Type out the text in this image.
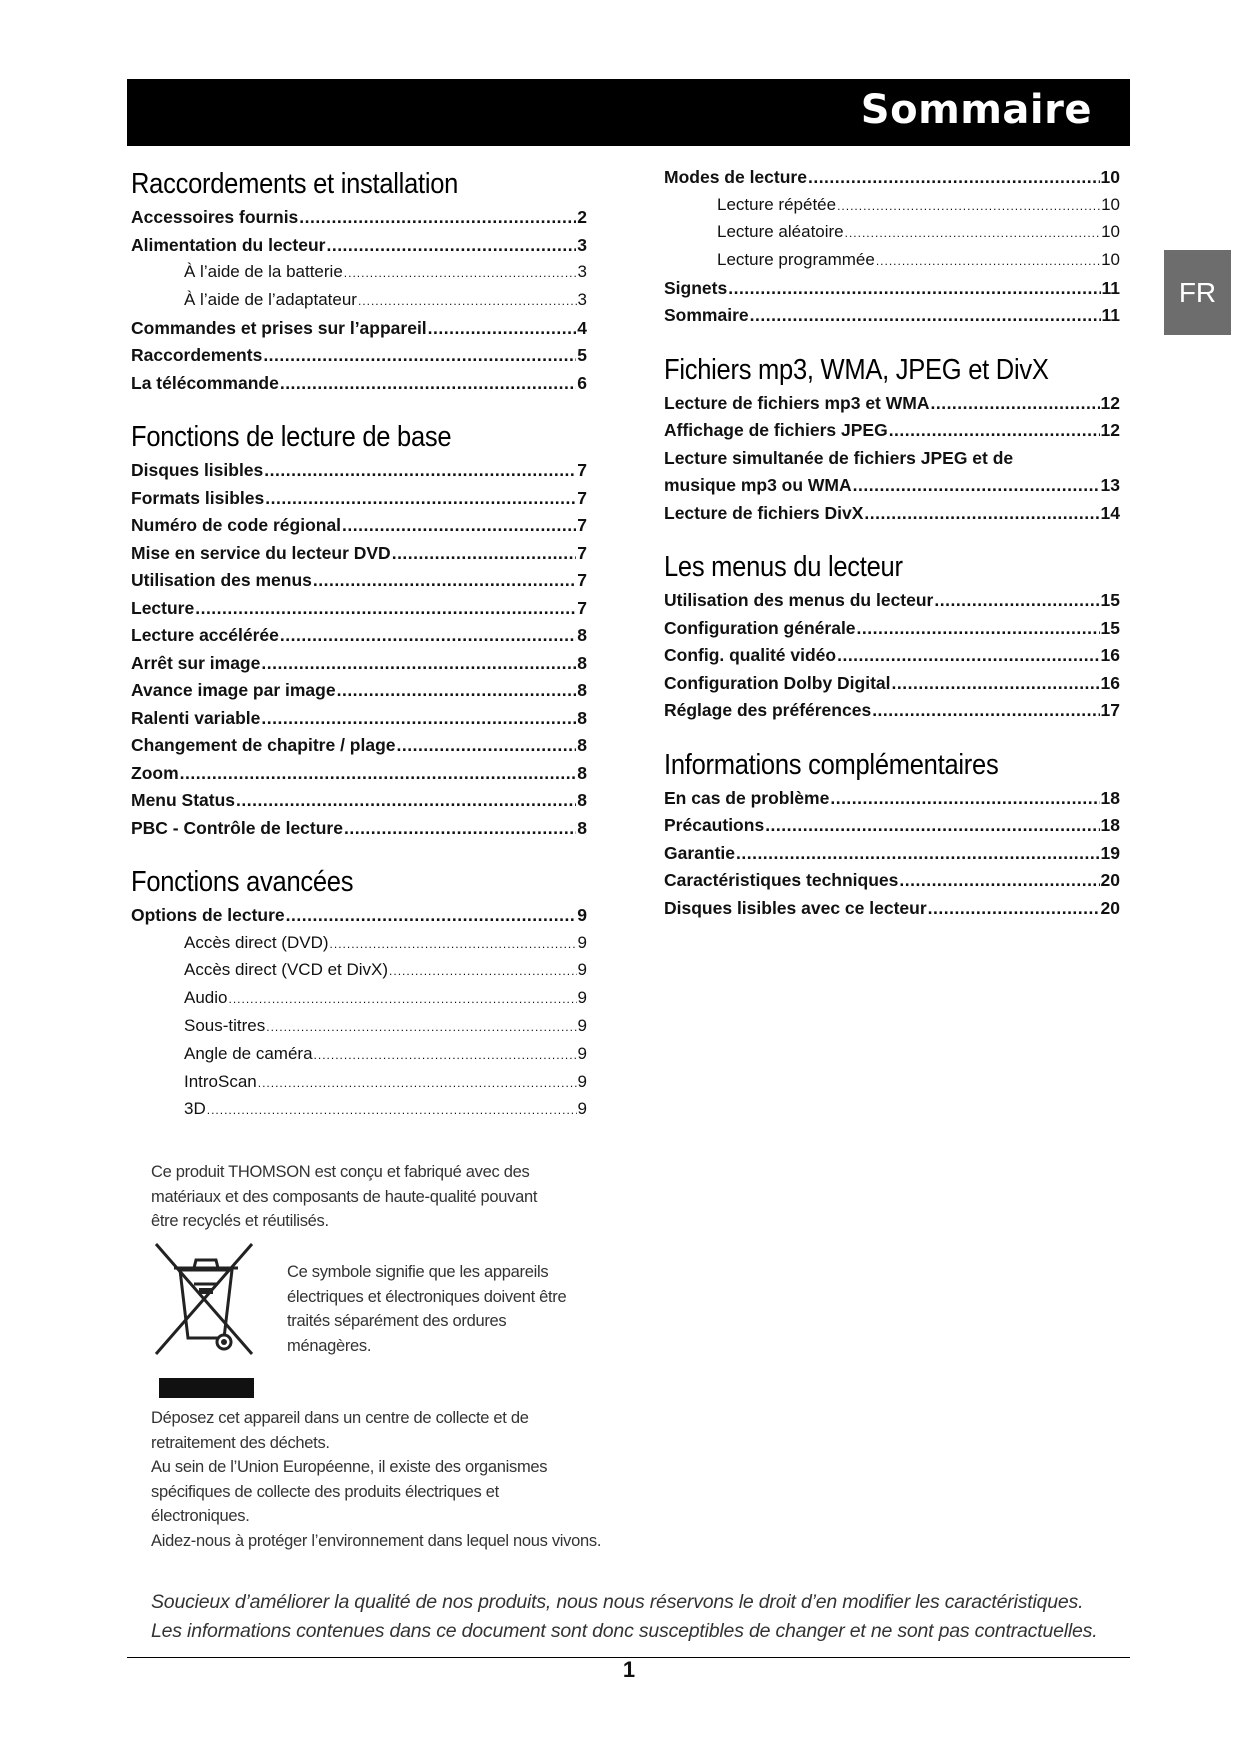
Sommaire
FR
Raccordements et installation
Accessoires fournis .....	2
Alimentation du lecteur .....	3
À l’aide de la batterie .....	3
À l’aide de l’adaptateur .....	3
Commandes et prises sur l’appareil .....	4
Raccordements .....	5
La télécommande .....	6
Fonctions de lecture de base
Disques lisibles .....	7
Formats lisibles .....	7
Numéro de code régional .....	7
Mise en service du lecteur DVD .....	7
Utilisation des menus .....	7
Lecture .....	7
Lecture accélérée .....	8
Arrêt sur image .....	8
Avance image par image .....	8
Ralenti variable .....	8
Changement de chapitre / plage .....	8
Zoom .....	8
Menu Status .....	8
PBC - Contrôle de lecture .....	8
Fonctions avancées
Options de lecture .....	9
Accès direct (DVD) .....	9
Accès direct (VCD et DivX) .....	9
Audio .....	9
Sous-titres .....	9
Angle de caméra .....	9
IntroScan .....	9
3D .....	9
Modes de lecture .....	10
Lecture répétée .....	10
Lecture aléatoire .....	10
Lecture programmée .....	10
Signets .....	11
Sommaire .....	11
Fichiers mp3, WMA, JPEG et DivX
Lecture de fichiers mp3 et WMA .....	12
Affichage de fichiers JPEG .....	12
Lecture simultanée de fichiers JPEG et de
musique mp3 ou WMA .....	13
Lecture de fichiers DivX .....	14
Les menus du lecteur
Utilisation des menus du lecteur .....	15
Configuration générale .....	15
Config. qualité vidéo .....	16
Configuration Dolby Digital .....	16
Réglage des préférences .....	17
Informations complémentaires
En cas de problème .....	18
Précautions .....	18
Garantie .....	19
Caractéristiques techniques .....	20
Disques lisibles avec ce lecteur .....	20
Ce produit THOMSON est conçu et fabriqué avec des
matériaux et des composants de haute-qualité pouvant
être recyclés et réutilisés.
Ce symbole signifie que les appareils
électriques et électroniques doivent être
traités séparément des ordures
ménagères.
Déposez cet appareil dans un centre de collecte et de
retraitement des déchets.
Au sein de l’Union Européenne, il existe des organismes
spécifiques de collecte des produits électriques et
électroniques.
Aidez-nous à protéger l’environnement dans lequel nous vivons.
Soucieux d’améliorer la qualité de nos produits, nous nous réservons le droit d’en modifier les caractéristiques.
Les informations contenues dans ce document sont donc susceptibles de changer et ne sont pas contractuelles.
1
